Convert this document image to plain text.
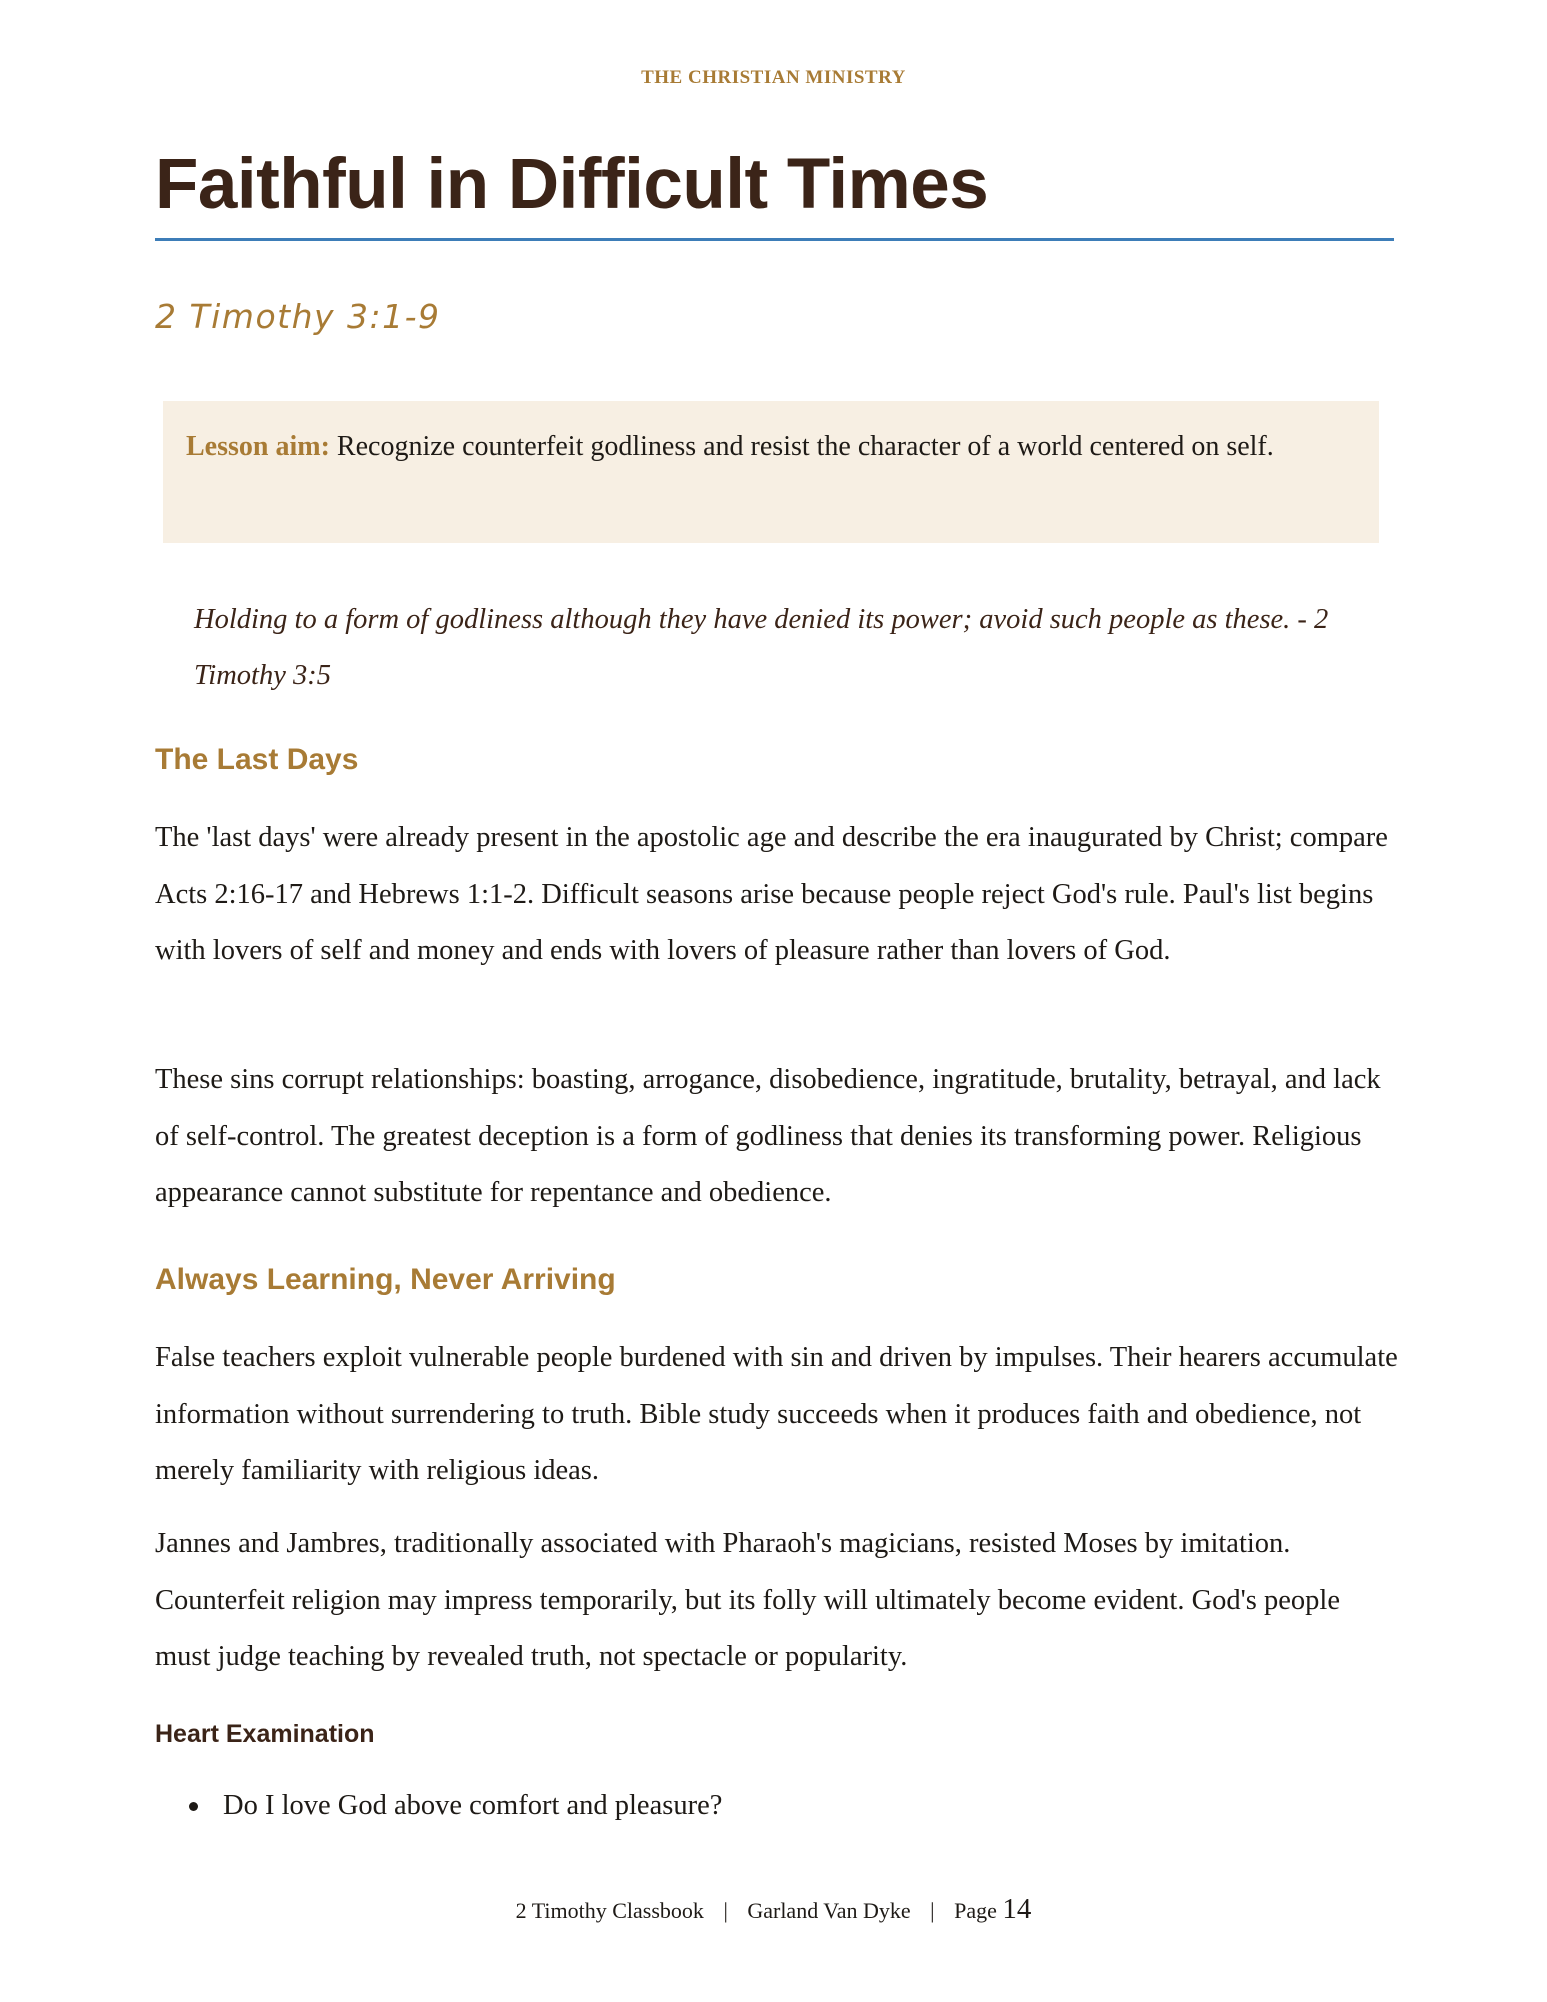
THE CHRISTIAN MINISTRY
Faithful in Difficult Times
2 Timothy 3:1-9
Lesson aim: Recognize counterfeit godliness and resist the character of a world centered on self.

Holding to a form of godliness although they have denied its power; avoid such people as these. - 2 Timothy 3:5

The Last Days

The 'last days' were already present in the apostolic age and describe the era inaugurated by Christ; compare Acts 2:16-17 and Hebrews 1:1-2. Difficult seasons arise because people reject God's rule. Paul's list begins with lovers of self and money and ends with lovers of pleasure rather than lovers of God.

These sins corrupt relationships: boasting, arrogance, disobedience, ingratitude, brutality, betrayal, and lack of self-control. The greatest deception is a form of godliness that denies its transforming power. Religious appearance cannot substitute for repentance and obedience.

Always Learning, Never Arriving

False teachers exploit vulnerable people burdened with sin and driven by impulses. Their hearers accumulate information without surrendering to truth. Bible study succeeds when it produces faith and obedience, not merely familiarity with religious ideas.

Jannes and Jambres, traditionally associated with Pharaoh's magicians, resisted Moses by imitation. Counterfeit religion may impress temporarily, but its folly will ultimately become evident. God's people must judge teaching by revealed truth, not spectacle or popularity.

Heart Examination
Do I love God above comfort and pleasure?
2 Timothy Classbook | Garland Van Dyke | Page 14
